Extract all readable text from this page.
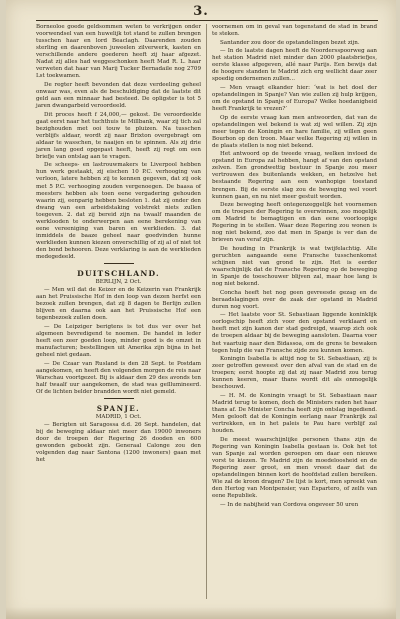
3.

Borneoloe goede geldsommen weten te verkrijgen onder voorwendsel van een huwelijk tot stand te zullen brengen tusschen haar en lord Beaclagh. Daarenden zouden sterling en daarenboven juweelen zilverwerk, kasten en verschillende andere goederen heeft zij haar afgezet. Nadat zij alles had weggeschonken heeft Mad R. L. haar verweten dat haar van Marij Tucker Bernadaile nog 2709 Lst toekwamen.

De regter heeft bevonden dat deze verdeeling geheel onwaar was, even als de beschuldiging dat de laatste dit geld aan een minnaar had besteed. De opligster is tot 5 jaren dwangarbeid veroordeeld.

Dit proces heeft f 24,000,— gekost. De veroordeelde gaat eerst naar het tuchthuis te Millbank, waar zij tich zal bezighouden met ooi touw te pluizen. Na tusschen verblijfs aldaar, wordt zij naar Brixton overgebragt om aldaar te wasschen, te naaijen en te spinnen. Als zij drie jaren lang goed opgepast heeft, heeft zij regt om een briefje van ontslag aan te vragen.

De scheeps- en lastrouwmakers te Liverpool hebben hun werk gestaakt, zij eischen 10 P.C. verhooging van verloon, latere hebben zij te kennen gegeven, dat zij ook met 5 P.C. verhooging zouden vergenoegen. De baasa of meesters hebben als toen eene vergadering gehouden waarin zij, eenparig hebben besloten 1. dat zij onder den dwang van een arbeidstaking volstrekt niets zullen toegeven. 2. dat zij bereid zijn na twaalf maanden de werklooden te onderwerpen aan eene berekening van eene vereeniging van baren en werklieden. 3. dat inmiddels de baaze geheel naar goedvinden hunne werklieden kunnen kiezen onverschillig of zij al of niet tot den bond behooren. Deze verklaring is aan de werklieden medegedeeld.

DUITSCHLAND.
BERLIJN, 2 Oct.

— Men wil dat de Keizer en de Keizerin van Frankrijk aan het Pruissische Hof in den loop van dezen herfst een bezoek zullen brengen, dat zij 8 dagen te Berlijn zullen blijven en daarna ook aan het Pruissische Hof een tegenbezoek zullen doen.

— De Leipziger berigtens is tot dus ver over het algemeen bevredigend te noemen. De handel in leder heeft een zeer goeden loop, minder goed is de omzet in manufacturen; bestellingen uit Amerika zijn bijna in het geheel niet gedaan.

— De Czaar van Rusland is den 28 Sept. te Postdam aangekomen, en heeft den volgenden morgen de reis naar Warschau voortgezet. Bij is aldaar den 29 des avonds ten half twaalf uur aangekomen, de stad was geïllumineerd. Of de lichten belder brandden wordt niet gemeld.

SPANJE.
MADRID, 1 Oct.

— Berigten uit Saragossa d.d. 26 Sept. handelen, dat bij de beweging aldaar niet meer dan 19000 inwoners door de troepen der Regering 26 dooden en 600 gewonden geboekt zijn. Generaal Calonge zou den volgenden dag naar Santona (1200 inwoners) gaan met het

voornemen om in geval van tegenstand de stad in brand te steken.

Santander zou door de opstandelingen bezet zijn.

— In de laatste dagen heeft de Noordersspoorweg aan het station Madrid niet minder dan 2000 plaatsbriefjes, eerste klasse afgegeven, allé naar Parijs. Een bewijs dat de hoogere standen te Madrid zich erg wellicht daar zeer spoedig ondernemen zullen...

— Men vraagt elkander hier: ‘wat is het doel der opstandelingen in Spanje? Van wie zullen zij hulp krijgen, om de opstand in Spanje of Europa? Welke hoedanigheid heeft Frankrijk te vrezen?’

Op de eerste vraag kan men antwoorden, dat van de opstandelingen wel bekend is wat zij wel willen. Zij zijn meer tegen de Koningin en hare familie, zij willen geen Bourbon op den troon. Maar welke Regering zij willen in de plaats stellen is nog niet bekend.

Het antwoord op de tweede vraag, welken invloed de opstand in Europa zal hebben, hangt af van den opstand zelven. Een grondwettig bestuur in Spanje zou meer vertrouwen des buitenlands wekken, en hetzelve het bestaande Regering aan een wanhopige toestand brengen. Bij de eerste slag zou de beweging wel voort kunnen gaan, en nu niet meer gestuit worden.

Deze beweging heeft ontegenzeggelijk het voornemen om de troepen der Regering te overwinnen, zoo mogelijk om Madrid te bemagtigen en dan eene voorloopige Regering in te stellen. Waar deze Regering zou wonen is nog niet bekend, zoo dat men in Spanje is ver dan de brieven van veraf zijn.

De houding in Frankrijk is wat twijfelachtig. Alle geruchten aangaande eene Fransche tusschenkomst schijnen niet van grond te zijn. Het is eerder waarschijnlijk dat de Fransche Regering op de beweging in Spanje de toeschouwer blijven zal, maar hoe lang is nog niet bekend.

Concha heeft het nog geen gevreesde gezag en de beraadslagingen over de zaak der opstand in Madrid duren nog voort.

— Het laatste voor St. Sebastiaan liggende koninklijk oorlogschip heeft zich voor den opstand verklaard en heeft met zijn kanon der stad gedreigd, waarop zich ook de troepen aldaar bij de beweging aansloten. Daarna voer het vaartuig naar den Bidassoa, om de grens te bewaken tegen hulp die van Fransche zijde zou kunnen komen.

Koningin Isabella is altijd nog te St. Sebastiaan, zij is zeer getroffen geweest over den afval van de stad en de troepen; eerst hoopte zij dat zij naar Madrid zou terug kunnen keeren, maar thans wordt dit als onmogelijk beschouwd.

— H. M. de Koningin vraagt te St. Sebastiaan naar Madrid terug te komen, doch de Ministers raden het haar thans af. De Minister Concha heeft zijn ontslag ingediend. Men gelooft dat de Koningin eerlang naar Frankrijk zal vertrekken, en in het paleis te Pau hare verblijf zal houden.

De meest waarschijnlijke personen thans zijn de Regering van Koningin Isabella gestaan is. Ook het tot van Spanje zal worden geroepen om daar een nieuwe vorst te kiezen. Te Madrid zijn de moedeloosheid en de Regering zeer groot, en men vreest daar dat de opstandelingen binnen kort de hoofdstad zullen bereiken. Wie zal de kroon dragen? De lijst is kort, men spreekt van den Hertog van Montpensier, van Espartero, of zelfs van eene Republiek.

— In de nabijheid van Cordova ongeveer 50 uren
